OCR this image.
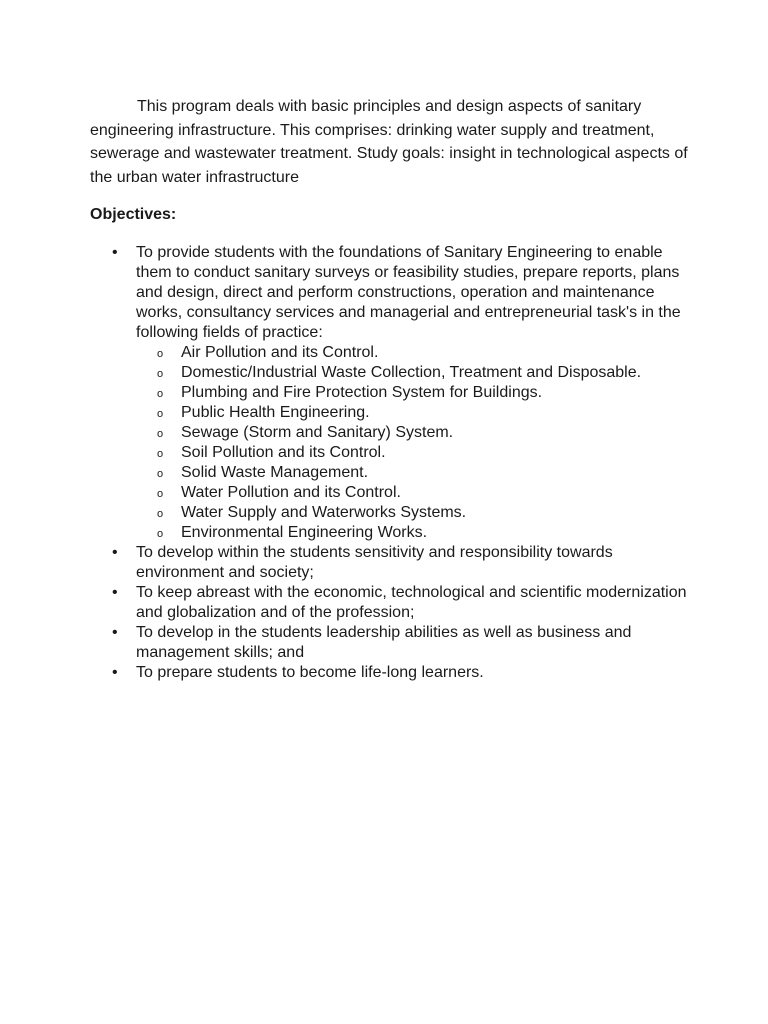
This program deals with basic principles and design aspects of sanitary engineering infrastructure. This comprises: drinking water supply and treatment, sewerage and wastewater treatment. Study goals: insight in technological aspects of the urban water infrastructure

Objectives:
• To provide students with the foundations of Sanitary Engineering to enable them to conduct sanitary surveys or feasibility studies, prepare reports, plans and design, direct and perform constructions, operation and maintenance works, consultancy services and managerial and entrepreneurial task's in the following fields of practice:
o Air Pollution and its Control.
o Domestic/Industrial Waste Collection, Treatment and Disposable.
o Plumbing and Fire Protection System for Buildings.
o Public Health Engineering.
o Sewage (Storm and Sanitary) System.
o Soil Pollution and its Control.
o Solid Waste Management.
o Water Pollution and its Control.
o Water Supply and Waterworks Systems.
o Environmental Engineering Works.
• To develop within the students sensitivity and responsibility towards environment and society;
• To keep abreast with the economic, technological and scientific modernization and globalization and of the profession;
• To develop in the students leadership abilities as well as business and management skills; and
• To prepare students to become life-long learners.
